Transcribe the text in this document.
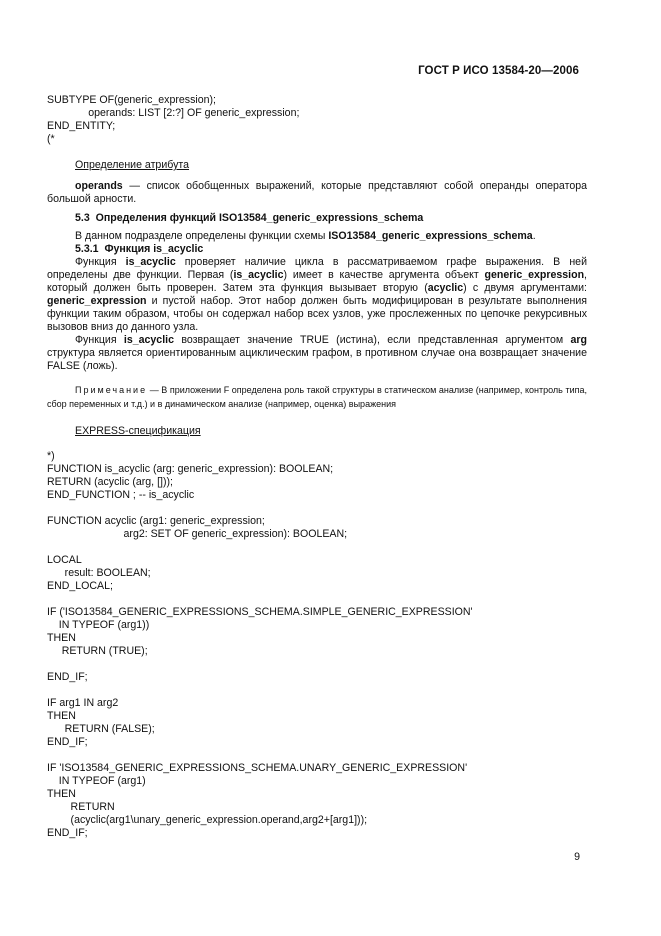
ГОСТ Р ИСО 13584-20—2006
SUBTYPE OF(generic_expression);
operands: LIST [2:?] OF generic_expression;
END_ENTITY;
(*
Определение атрибута

operands — список обобщенных выражений, которые представляют собой операнды оператора большой арности.

5.3 Определения функций ISO13584_generic_expressions_schema

В данном подразделе определены функции схемы ISO13584_generic_expressions_schema.

5.3.1 Функция is_acyclic

Функция is_acyclic проверяет наличие цикла в рассматриваемом графе выражения. В ней определены две функции. Первая (is_acyclic) имеет в качестве аргумента объект generic_expression, который должен быть проверен. Затем эта функция вызывает вторую (acyclic) с двумя аргументами: generic_expression и пустой набор. Этот набор должен быть модифицирован в результате выполнения функции таким образом, чтобы он содержал набор всех узлов, уже прослеженных по цепочке рекурсивных вызовов вниз до данного узла.

Функция is_acyclic возвращает значение TRUE (истина), если представленная аргументом arg структура является ориентированным ациклическим графом, в противном случае она возвращает значение FALSE (ложь).

Примечание — В приложении F определена роль такой структуры в статическом анализе (например, контроль типа, сбор переменных и т.д.) и в динамическом анализе (например, оценка) выражения

EXPRESS-спецификация
*)
FUNCTION is_acyclic (arg: generic_expression): BOOLEAN;
RETURN (acyclic (arg, []));
END_FUNCTION ; -- is_acyclic

FUNCTION acyclic (arg1: generic_expression;
arg2: SET OF generic_expression): BOOLEAN;

LOCAL
result: BOOLEAN;
END_LOCAL;

IF ('ISO13584_GENERIC_EXPRESSIONS_SCHEMA.SIMPLE_GENERIC_EXPRESSION'
IN TYPEOF (arg1))
THEN
RETURN (TRUE);

END_IF;

IF arg1 IN arg2
THEN
RETURN (FALSE);
END_IF;

IF 'ISO13584_GENERIC_EXPRESSIONS_SCHEMA.UNARY_GENERIC_EXPRESSION'
IN TYPEOF (arg1)
THEN
RETURN
(acyclic(arg1\unary_generic_expression.operand,arg2+[arg1]));
END_IF;
9
